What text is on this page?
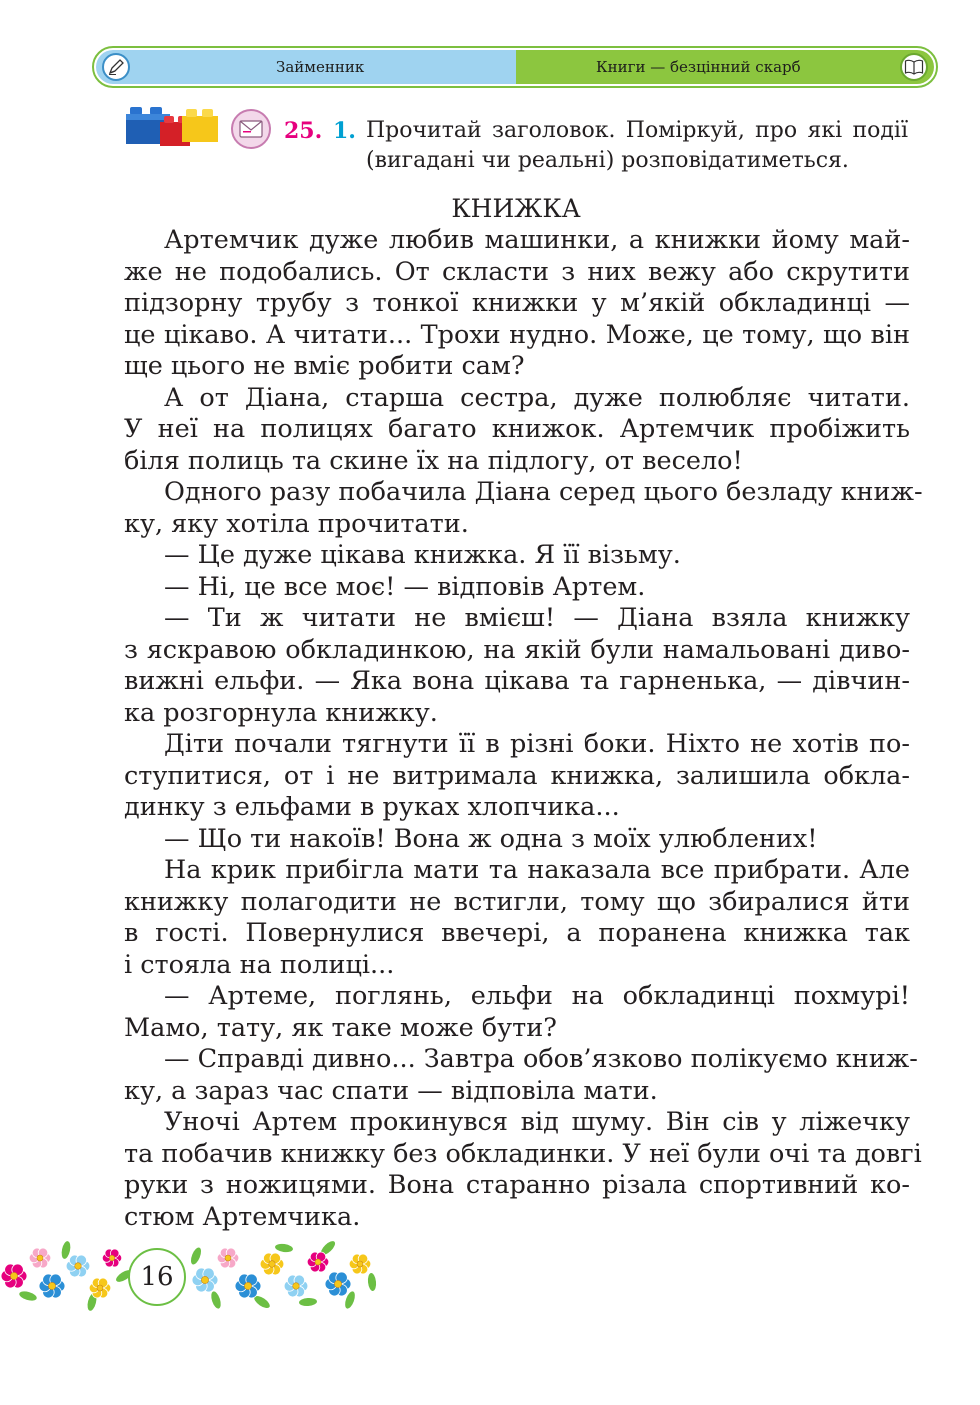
Займенник	Книги — безцінний скарб
25. 1. Прочитай заголовок. Поміркуй, про які події (вигадані чи реальні) розповідатиметься.

КНИЖКА
Артемчик дуже любив машинки, а книжки йому май-
же не подобались. От скласти з них вежу або скрутити
підзорну трубу з тонкої книжки у м’якій обкладинці —
це цікаво. А читати... Трохи нудно. Може, це тому, що він
ще цього не вміє робити сам?
А от Діана, старша сестра, дуже полюбляє читати.
У неї на полицях багато книжок. Артемчик пробіжить
біля полиць та скине їх на підлогу, от весело!
Одного разу побачила Діана серед цього безладу книж-
ку, яку хотіла прочитати.
— Це дуже цікава книжка. Я її візьму.
— Ні, це все моє! — відповів Артем.
— Ти ж читати не вмієш! — Діана взяла книжку
з яскравою обкладинкою, на якій були намальовані диво-
вижні ельфи. — Яка вона цікава та гарненька, — дівчин-
ка розгорнула книжку.
Діти почали тягнути її в різні боки. Ніхто не хотів по-
ступитися, от і не витримала книжка, залишила обкла-
динку з ельфами в руках хлопчика...
— Що ти накоїв! Вона ж одна з моїх улюблених!
На крик прибігла мати та наказала все прибрати. Але
книжку полагодити не встигли, тому що збиралися йти
в гості. Повернулися ввечері, а поранена книжка так
і стояла на полиці...
— Артеме, поглянь, ельфи на обкладинці похмурі!
Мамо, тату, як таке може бути?
— Справді дивно... Завтра обов’язково полікуємо книж-
ку, а зараз час спати — відповіла мати.
Уночі Артем прокинувся від шуму. Він сів у ліжечку
та побачив книжку без обкладинки. У неї були очі та довгі
руки з ножицями. Вона старанно різала спортивний ко-
стюм Артемчика.
16
